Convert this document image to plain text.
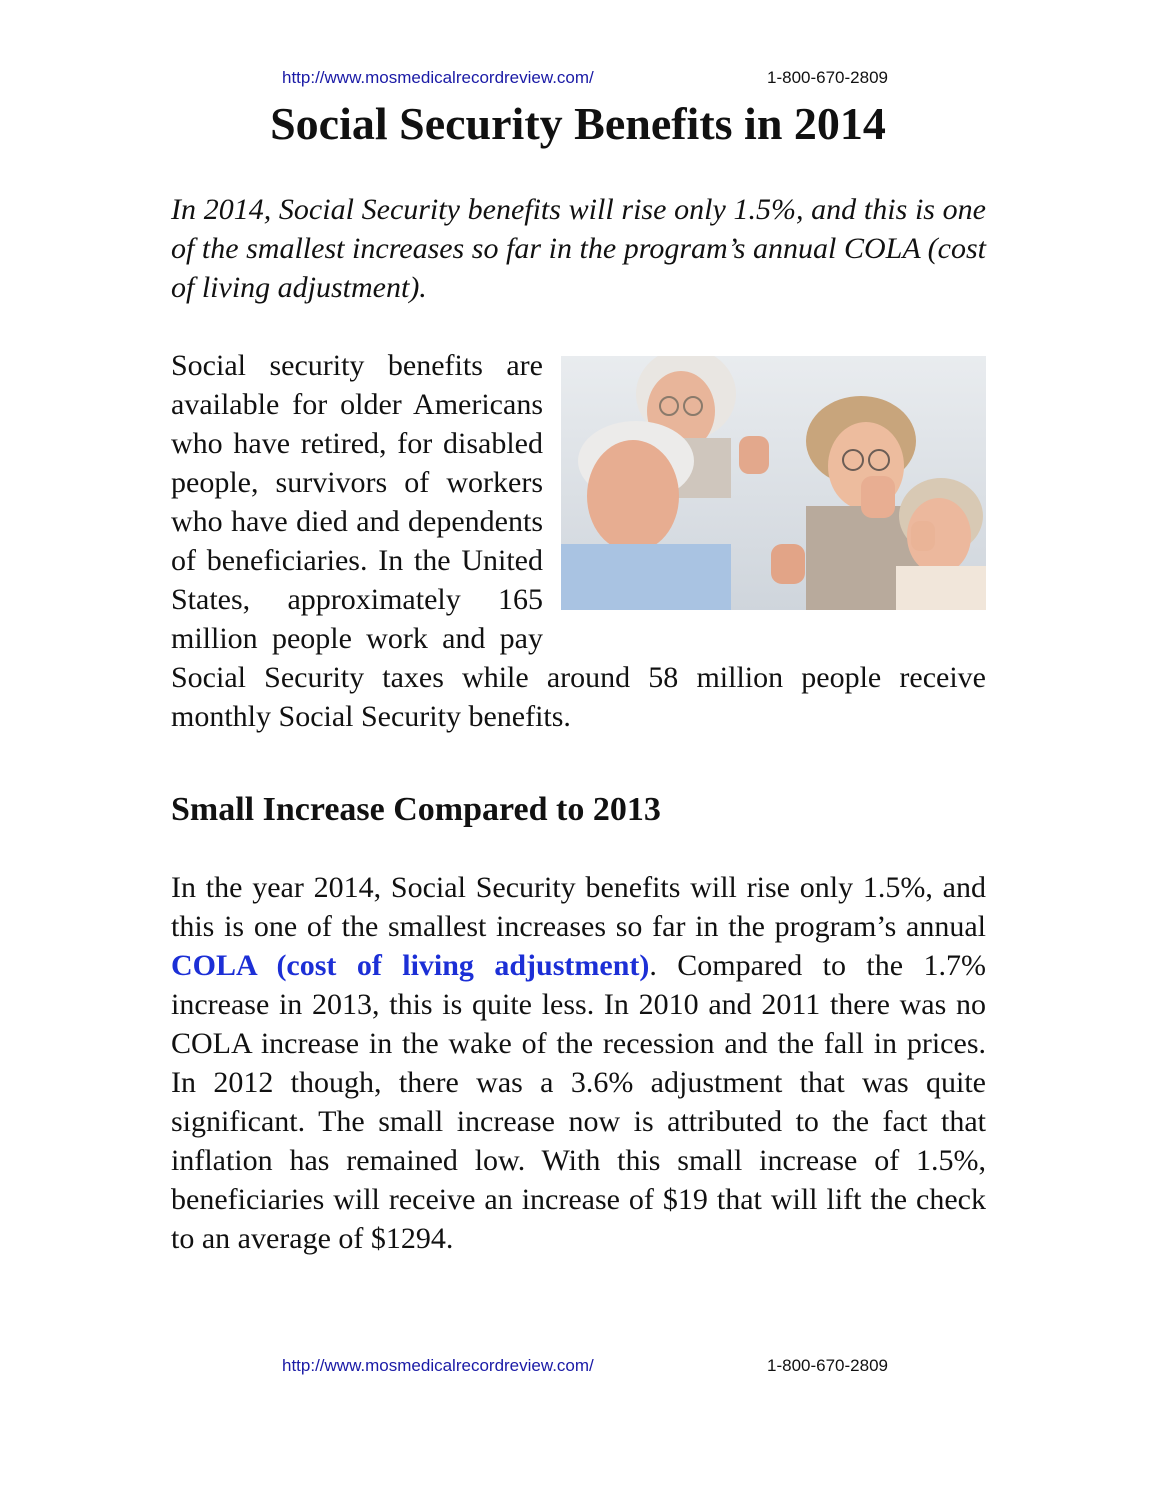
http://www.mosmedicalrecordreview.com/	1-800-670-2809
Social Security Benefits in 2014

In 2014, Social Security benefits will rise only 1.5%, and this is one of the smallest increases so far in the program’s annual COLA (cost of living adjustment).

Social security benefits are available for older Americans who have retired, for disabled people, survivors of workers who have died and dependents of beneficiaries. In the United States, approximately 165 million people work and pay Social Security taxes while around 58 million people receive monthly Social Security benefits.

Small Increase Compared to 2013

In the year 2014, Social Security benefits will rise only 1.5%, and this is one of the smallest increases so far in the program’s annual COLA (cost of living adjustment). Compared to the 1.7% increase in 2013, this is quite less. In 2010 and 2011 there was no COLA increase in the wake of the recession and the fall in prices. In 2012 though, there was a 3.6% adjustment that was quite significant. The small increase now is attributed to the fact that inflation has remained low. With this small increase of 1.5%, beneficiaries will receive an increase of $19 that will lift the check to an average of $1294.

http://www.mosmedicalrecordreview.com/	1-800-670-2809
